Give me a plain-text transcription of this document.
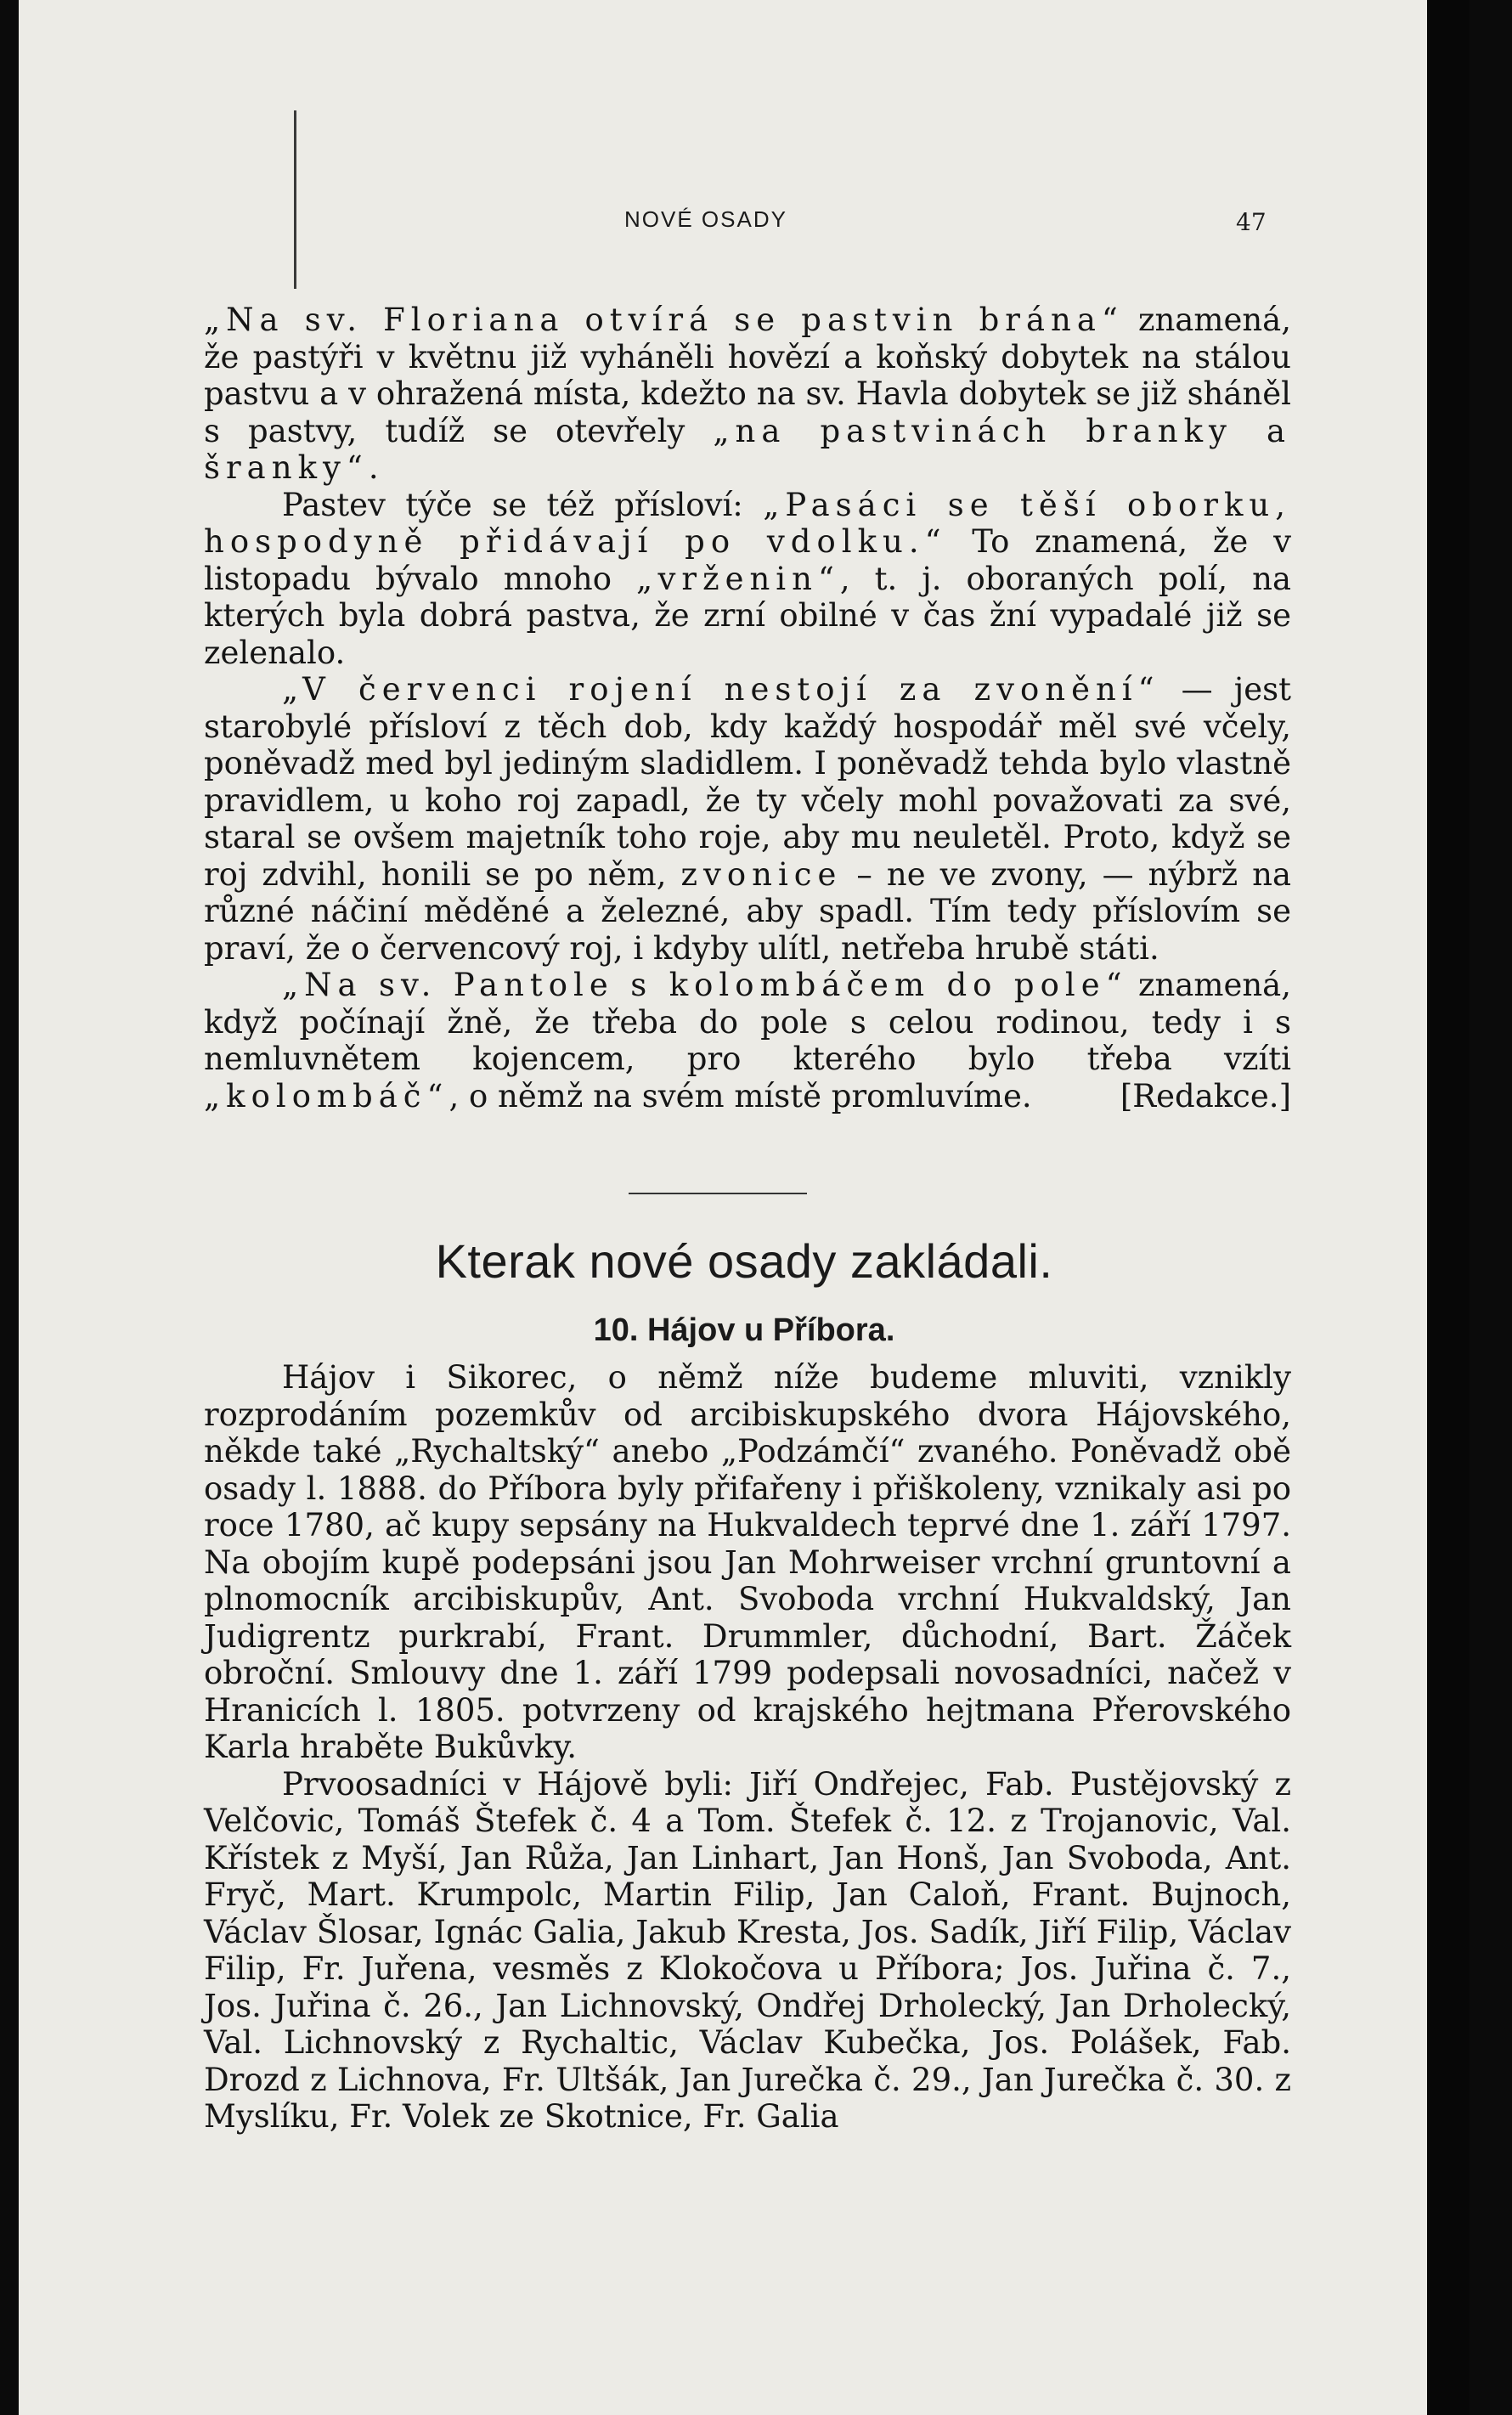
NOVÉ OSADY	47

„Na sv. Floriana otvírá se pastvin brána“ znamená, že pastýři v květnu již vyháněli hovězí a koňský dobytek na stálou pastvu a v ohražená místa, kdežto na sv. Havla dobytek se již sháněl s pastvy, tudíž se otevřely „na pastvinách branky a šranky“.

Pastev týče se též přísloví: „Pasáci se těší oborku, hospodyně přidávají po vdolku.“ To znamená, že v listopadu bývalo mnoho „vrženin“, t. j. oboraných polí, na kterých byla dobrá pastva, že zrní obilné v čas žní vypadalé již se zelenalo.

„V červenci rojení nestojí za zvonění“ — jest starobylé přísloví z těch dob, kdy každý hospodář měl své včely, poněvadž med byl jediným sladidlem. I poněvadž tehda bylo vlastně pravidlem, u koho roj zapadl, že ty včely mohl považovati za své, staral se ovšem majetník toho roje, aby mu neuletěl. Proto, když se roj zdvihl, honili se po něm, zvonice – ne ve zvony, — nýbrž na různé náčiní měděné a železné, aby spadl. Tím tedy příslovím se praví, že o červencový roj, i kdyby ulítl, netřeba hrubě státi.

„Na sv. Pantole s kolombáčem do pole“ znamená, když počínají žně, že třeba do pole s celou rodinou, tedy i s nemluvnětem kojencem, pro kterého bylo třeba vzíti „kolombáč“, o němž na svém místě promluvíme.	[Redakce.]

Kterak nové osady zakládali.
10. Hájov u Příbora.

Hájov i Sikorec, o němž níže budeme mluviti, vznikly rozprodáním pozemkův od arcibiskupského dvora Hájovského, někde také „Rychaltský“ anebo „Podzámčí“ zvaného. Poněvadž obě osady l. 1888. do Příbora byly přifařeny i přiškoleny, vznikaly asi po roce 1780, ač kupy sepsány na Hukvaldech teprvé dne 1. září 1797. Na obojím kupě podepsáni jsou Jan Mohrweiser vrchní gruntovní a plnomocník arcibiskupův, Ant. Svoboda vrchní Hukvaldský, Jan Judigrentz purkrabí, Frant. Drummler, důchodní, Bart. Žáček obroční. Smlouvy dne 1. září 1799 podepsali novosadníci, načež v Hranicích l. 1805. potvrzeny od krajského hejtmana Přerovského Karla hraběte Bukůvky.

Prvoosadníci v Hájově byli: Jiří Ondřejec, Fab. Pustějovský z Velčovic, Tomáš Štefek č. 4 a Tom. Štefek č. 12. z Trojanovic, Val. Křístek z Myší, Jan Růža, Jan Linhart, Jan Honš, Jan Svoboda, Ant. Fryč, Mart. Krumpolc, Martin Filip, Jan Caloň, Frant. Bujnoch, Václav Šlosar, Ignác Galia, Jakub Kresta, Jos. Sadík, Jiří Filip, Václav Filip, Fr. Juřena, vesměs z Klokočova u Příbora; Jos. Juřina č. 7., Jos. Juřina č. 26., Jan Lichnovský, Ondřej Drholecký, Jan Drholecký, Val. Lichnovský z Rychaltic, Václav Kubečka, Jos. Polášek, Fab. Drozd z Lichnova, Fr. Ultšák, Jan Jurečka č. 29., Jan Jurečka č. 30. z Myslíku, Fr. Volek ze Skotnice, Fr. Galia
